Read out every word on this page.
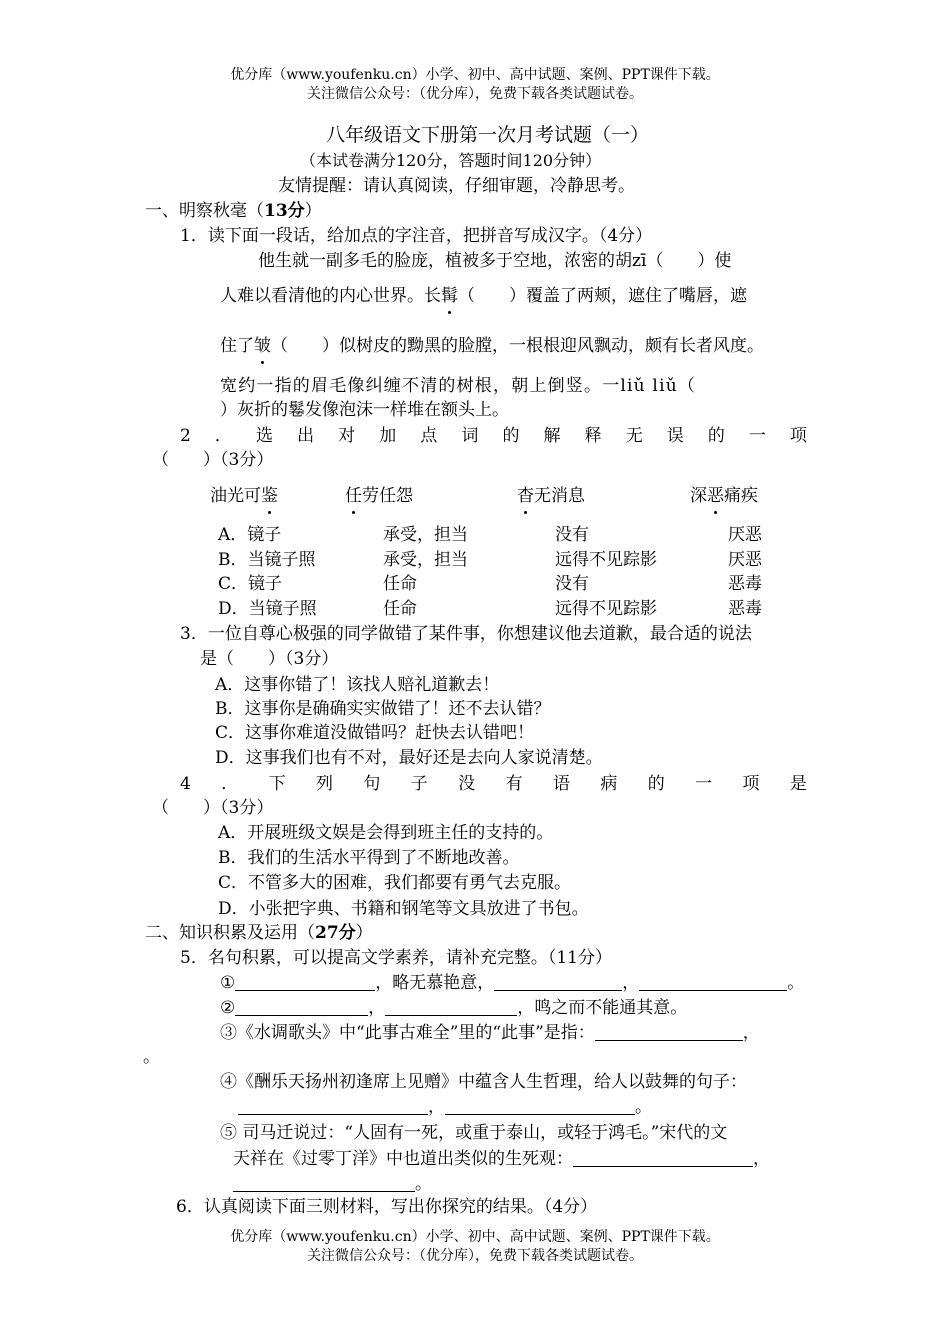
优分库（www.youfenku.cn）小学、初中、高中试题、案例、PPT课件下载。
关注微信公众号：（优分库），免费下载各类试题试卷。
八年级语文下册第一次月考试题（一）
（本试卷满分120分，答题时间120分钟）
友情提醒：请认真阅读，仔细审题，冷静思考。
一、明察秋毫（13分）
1．读下面一段话，给加点的字注音，把拼音写成汉字。（4分）
他生就一副多毛的脸庞，植被多于空地，浓密的胡zī（　　）使
人难以看清他的内心世界。长髯（　　）覆盖了两颊，遮住了嘴唇，遮
住了皱（　　）似树皮的黝黑的脸膛，一根根迎风飘动，颇有长者风度。
宽约一指的眉毛像纠缠不清的树根，朝上倒竖。一liǔ liǔ（
）灰折的鬈发像泡沫一样堆在额头上。
2 ． 选 出 对 加 点 词 的 解 释 无 误 的 一 项
（　　）（3分）
油光可鉴	任劳任怨	杳无消息	深恶痛疾
A．镜子	承受，担当	没有	厌恶
B．当镜子照	承受，担当	远得不见踪影	厌恶
C．镜子	任命	没有	恶毒
D．当镜子照	任命	远得不见踪影	恶毒
3．一位自尊心极强的同学做错了某件事，你想建议他去道歉，最合适的说法
是（　　）（3分）
A．这事你错了！该找人赔礼道歉去！
B．这事你是确确实实做错了！还不去认错？
C．这事你难道没做错吗？赶快去认错吧！
D．这事我们也有不对，最好还是去向人家说清楚。
4 ． 下 列 句 子 没 有 语 病 的 一 项 是
（　　）（3分）
A．开展班级文娱是会得到班主任的支持的。
B．我们的生活水平得到了不断地改善。
C．不管多大的困难，我们都要有勇气去克服。
D．小张把字典、书籍和钢笔等文具放进了书包。
二、知识积累及运用（27分）
5．名句积累，可以提高文学素养，请补充完整。（11分）
①	，略无慕艳意，	，	。
②	，	，鸣之而不能通其意。
③《水调歌头》中“此事古难全”里的“此事”是指：	，
。
④《酬乐天扬州初逢席上见赠》中蕴含人生哲理，给人以鼓舞的句子：
，	。
⑤ 司马迁说过：“人固有一死，或重于泰山，或轻于鸿毛。”宋代的文
天祥在《过零丁洋》中也道出类似的生死观：	，
。
6．认真阅读下面三则材料，写出你探究的结果。（4分）
优分库（www.youfenku.cn）小学、初中、高中试题、案例、PPT课件下载。
关注微信公众号：（优分库），免费下载各类试题试卷。
